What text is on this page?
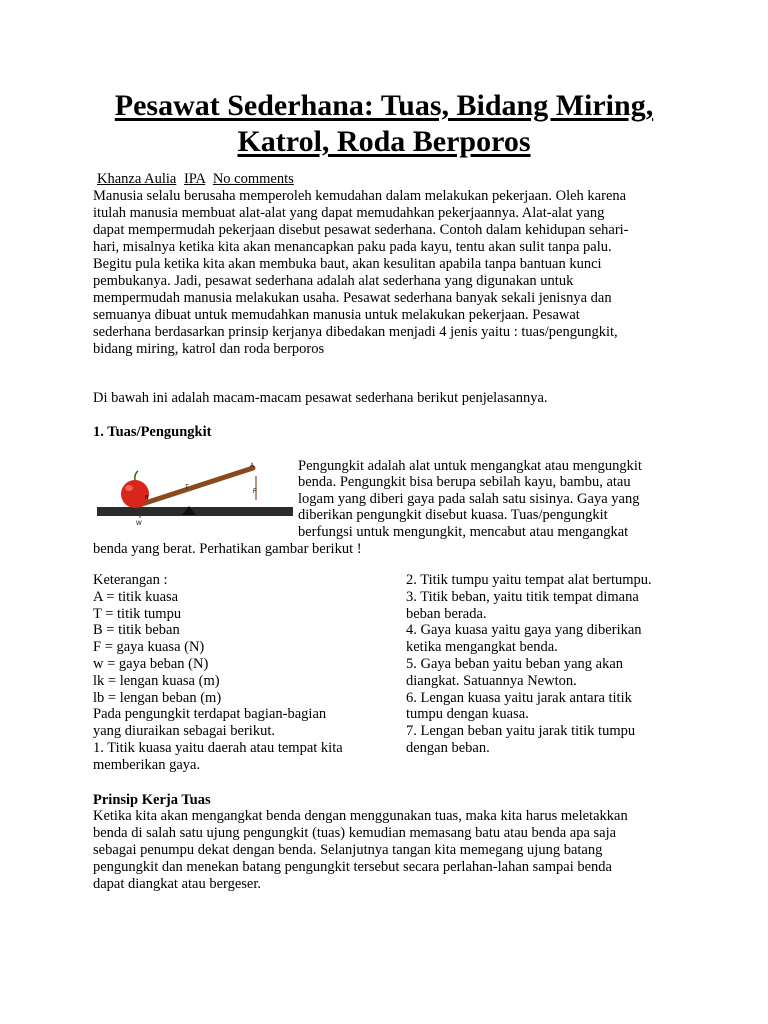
Pesawat Sederhana: Tuas, Bidang Miring,
Katrol, Roda Berporos
Khanza Aulia IPA No comments
Manusia selalu berusaha memperoleh kemudahan dalam melakukan pekerjaan. Oleh karena
itulah manusia membuat alat-alat yang dapat memudahkan pekerjaannya. Alat-alat yang
dapat mempermudah pekerjaan disebut pesawat sederhana. Contoh dalam kehidupan sehari-
hari, misalnya ketika kita akan menancapkan paku pada kayu, tentu akan sulit tanpa palu.
Begitu pula ketika kita akan membuka baut, akan kesulitan apabila tanpa bantuan kunci
pembukanya. Jadi, pesawat sederhana adalah alat sederhana yang digunakan untuk
mempermudah manusia melakukan usaha. Pesawat sederhana banyak sekali jenisnya dan
semuanya dibuat untuk memudahkan manusia untuk melakukan pekerjaan. Pesawat
sederhana berdasarkan prinsip kerjanya dibedakan menjadi 4 jenis yaitu : tuas/pengungkit,
bidang miring, katrol dan roda berporos
Di bawah ini adalah macam-macam pesawat sederhana berikut penjelasannya.
1. Tuas/Pengungkit
A
T
F
B
W
Pengungkit adalah alat untuk mengangkat atau mengungkit
benda. Pengungkit bisa berupa sebilah kayu, bambu, atau
logam yang diberi gaya pada salah satu sisinya. Gaya yang
diberikan pengungkit disebut kuasa. Tuas/pengungkit
berfungsi untuk mengungkit, mencabut atau mengangkat
benda yang berat. Perhatikan gambar berikut !
Keterangan :
A = titik kuasa
T = titik tumpu
B = titik beban
F = gaya kuasa (N)
w = gaya beban (N)
lk = lengan kuasa (m)
lb = lengan beban (m)
Pada pengungkit terdapat bagian-bagian
yang diuraikan sebagai berikut.
1. Titik kuasa yaitu daerah atau tempat kita
memberikan gaya.
2. Titik tumpu yaitu tempat alat bertumpu.
3. Titik beban, yaitu titik tempat dimana
beban berada.
4. Gaya kuasa yaitu gaya yang diberikan
ketika mengangkat benda.
5. Gaya beban yaitu beban yang akan
diangkat. Satuannya Newton.
6. Lengan kuasa yaitu jarak antara titik
tumpu dengan kuasa.
7. Lengan beban yaitu jarak titik tumpu
dengan beban.
Prinsip Kerja Tuas
Ketika kita akan mengangkat benda dengan menggunakan tuas, maka kita harus meletakkan
benda di salah satu ujung pengungkit (tuas) kemudian memasang batu atau benda apa saja
sebagai penumpu dekat dengan benda. Selanjutnya tangan kita memegang ujung batang
pengungkit dan menekan batang pengungkit tersebut secara perlahan-lahan sampai benda
dapat diangkat atau bergeser.
